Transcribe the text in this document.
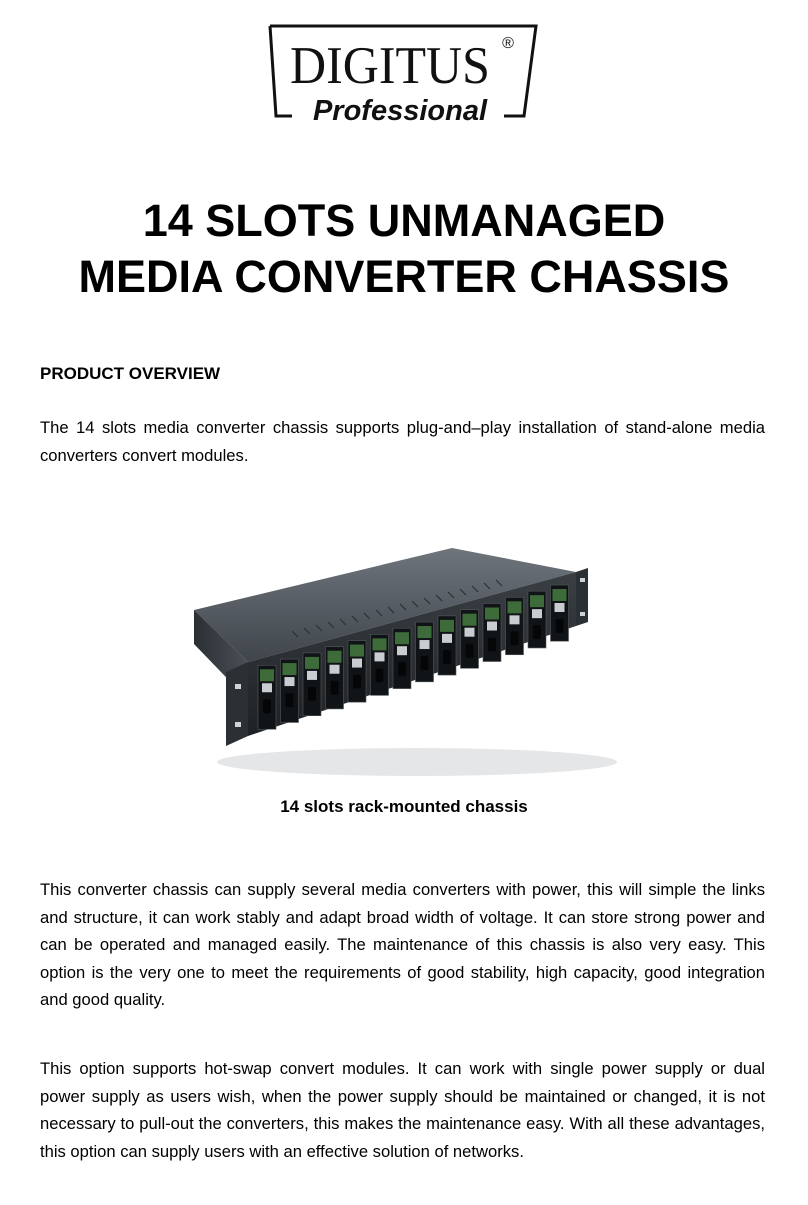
DIGITUS ®
Professional
14 SLOTS UNMANAGED
MEDIA CONVERTER CHASSIS
PRODUCT OVERVIEW
The 14 slots media converter chassis supports plug-and–play installation of stand-alone media converters convert modules.
14 slots rack-mounted chassis
This converter chassis can supply several media converters with power, this will simple the links and structure, it can work stably and adapt broad width of voltage. It can store strong power and can be operated and managed easily. The maintenance of this chassis is also very easy. This option is the very one to meet the requirements of good stability, high capacity, good integration and good quality.
This option supports hot-swap convert modules. It can work with single power supply or dual power supply as users wish, when the power supply should be maintained or changed, it is not necessary to pull-out the converters, this makes the maintenance easy. With all these advantages, this option can supply users with an effective solution of networks.
